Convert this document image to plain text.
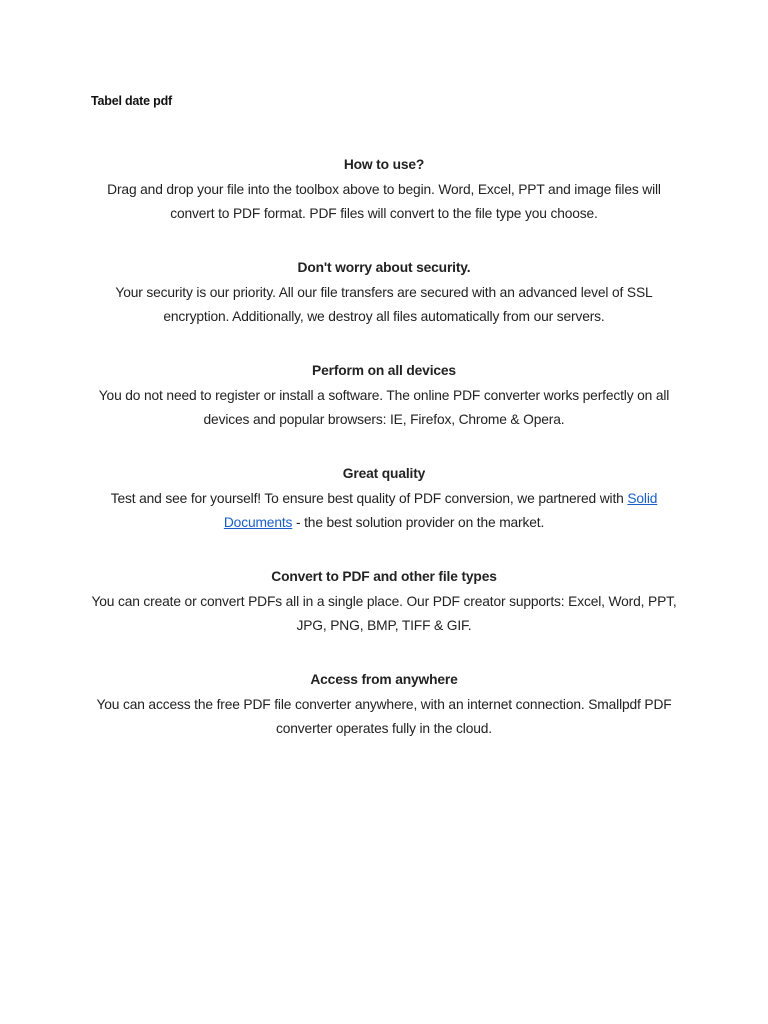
Tabel date pdf
How to use?

Drag and drop your file into the toolbox above to begin. Word, Excel, PPT and image files will convert to PDF format. PDF files will convert to the file type you choose.

Don't worry about security.

Your security is our priority. All our file transfers are secured with an advanced level of SSL encryption. Additionally, we destroy all files automatically from our servers.

Perform on all devices

You do not need to register or install a software. The online PDF converter works perfectly on all devices and popular browsers: IE, Firefox, Chrome & Opera.

Great quality

Test and see for yourself! To ensure best quality of PDF conversion, we partnered with Solid Documents - the best solution provider on the market.

Convert to PDF and other file types

You can create or convert PDFs all in a single place. Our PDF creator supports: Excel, Word, PPT, JPG, PNG, BMP, TIFF & GIF.

Access from anywhere

You can access the free PDF file converter anywhere, with an internet connection. Smallpdf PDF converter operates fully in the cloud.
